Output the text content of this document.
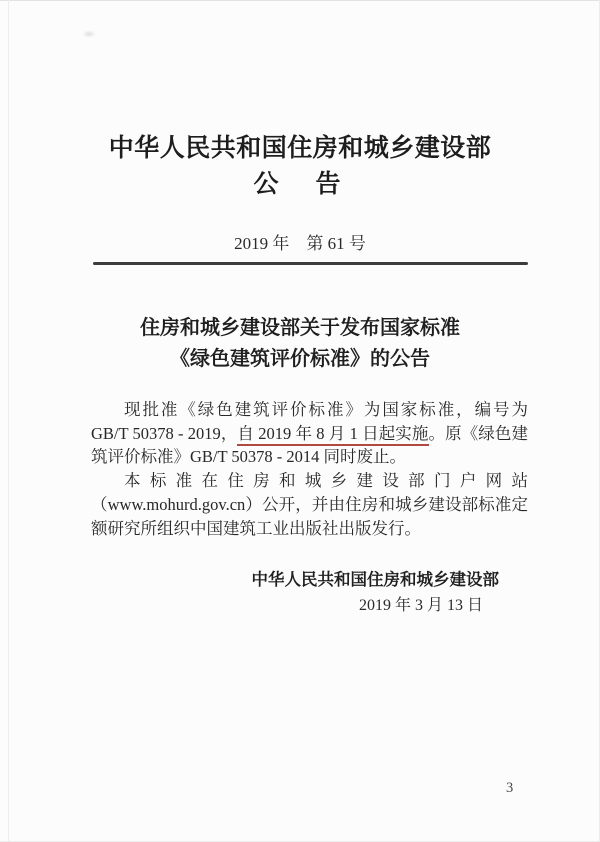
中华人民共和国住房和城乡建设部
公　告
2019 年　第 61 号
住房和城乡建设部关于发布国家标准
《绿色建筑评价标准》的公告

现批准《绿色建筑评价标准》为国家标准，编号为 GB/T 50378 - 2019，自 2019 年 8 月 1 日起实施。原《绿色建筑评价标准》GB/T 50378 - 2014 同时废止。

本标准在住房和城乡建设部门户网站（www.mohurd.gov.cn）公开，并由住房和城乡建设部标准定额研究所组织中国建筑工业出版社出版发行。

中华人民共和国住房和城乡建设部
2019 年 3 月 13 日
3
